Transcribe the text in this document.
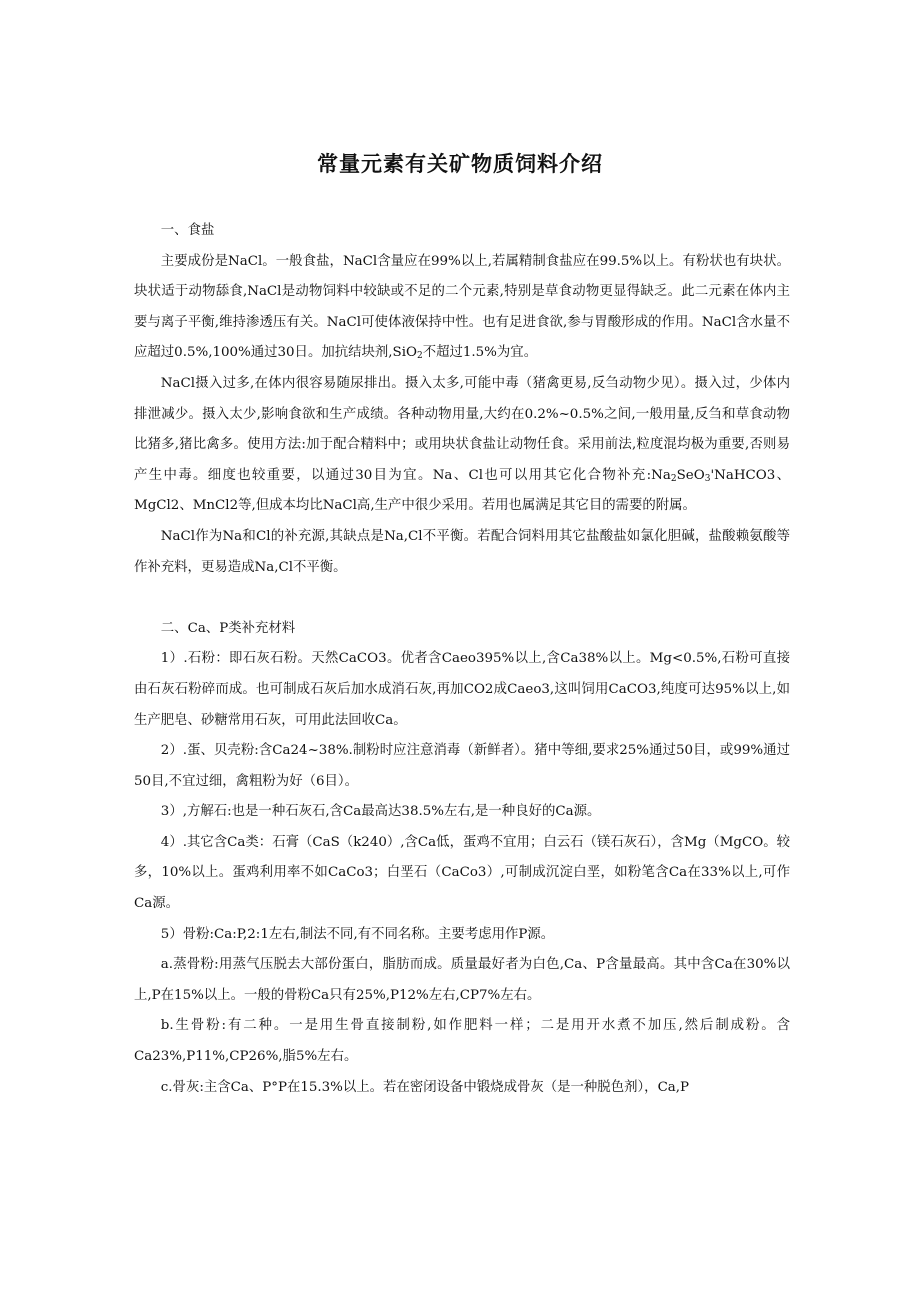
常量元素有关矿物质饲料介绍

一、食盐

主要成份是NaCl。一般食盐，NaCl含量应在99%以上,若属精制食盐应在99.5%以上。有粉状也有块状。块状适于动物舔食,NaCl是动物饲料中较缺或不足的二个元素,特别是草食动物更显得缺乏。此二元素在体内主要与离子平衡,维持渗透压有关。NaCl可使体液保持中性。也有足进食欲,参与胃酸形成的作用。NaCl含水量不应超过0.5%,100%通过30日。加抗结块剂,SiO$_2$不超过1.5%为宜。

NaCl摄入过多,在体内很容易随尿排出。摄入太多,可能中毒（猪禽更易,反刍动物少见）。摄入过，少体内排泄减少。摄入太少,影响食欲和生产成绩。各种动物用量,大约在0.2%~0.5%之间,一般用量,反刍和草食动物比猪多,猪比禽多。使用方法:加于配合精料中；或用块状食盐让动物任食。采用前法,粒度混均极为重要,否则易产生中毒。细度也较重要，以通过30目为宜。Na、Cl也可以用其它化合物补充$:Na_2SeO_3'NaHCO3$、MgCl2、MnCl2等,但成本均比NaCl高,生产中很少采用。若用也属满足其它目的需要的附属。

NaCl作为Na和Cl的补充源,其缺点是Na,Cl不平衡。若配合饲料用其它盐酸盐如氯化胆碱，盐酸赖氨酸等作补充料，更易造成Na,Cl不平衡。

二、Ca、P类补充材料

1）.石粉：即石灰石粉。天然CaCO3。优者含Caeo395%以上,含Ca38%以上。Mg<0.5%,石粉可直接由石灰石粉碎而成。也可制成石灰后加水成消石灰,再加CO2成Caeo3,这叫饲用CaCO3,纯度可达95%以上,如生产肥皂、砂糖常用石灰，可用此法回收Ca。

2）.蛋、贝壳粉:含Ca24~38%.制粉时应注意消毒（新鲜者）。猪中等细,要求25%通过50目，或99%通过50目,不宜过细，禽粗粉为好（6目）。

3）,方解石:也是一种石灰石,含Ca最高达38.5%左右,是一种良好的Ca源。

4）.其它含Ca类：石膏（CaS（k240）,含Ca低，蛋鸡不宜用；白云石（镁石灰石），含Mg（MgCO。较多，10%以上。蛋鸡利用率不如CaCo3；白垩石（CaCo3）,可制成沉淀白垩，如粉笔含Ca在33%以上,可作Ca源。

5）骨粉:Ca:P,2:1左右,制法不同,有不同名称。主要考虑用作P源。

a.蒸骨粉:用蒸气压脱去大部份蛋白，脂肪而成。质量最好者为白色,Ca、P含量最高。其中含Ca在30%以上,P在15%以上。一般的骨粉Ca只有25%,P12%左右,CP7%左右。

b.生骨粉:有二种。一是用生骨直接制粉,如作肥料一样；二是用开水煮不加压,然后制成粉。含Ca23%,P11%,CP26%,脂5%左右。

c.骨灰:主含Ca、P°P在15.3%以上。若在密闭设备中锻烧成骨灰（是一种脱色剂），Ca,P
